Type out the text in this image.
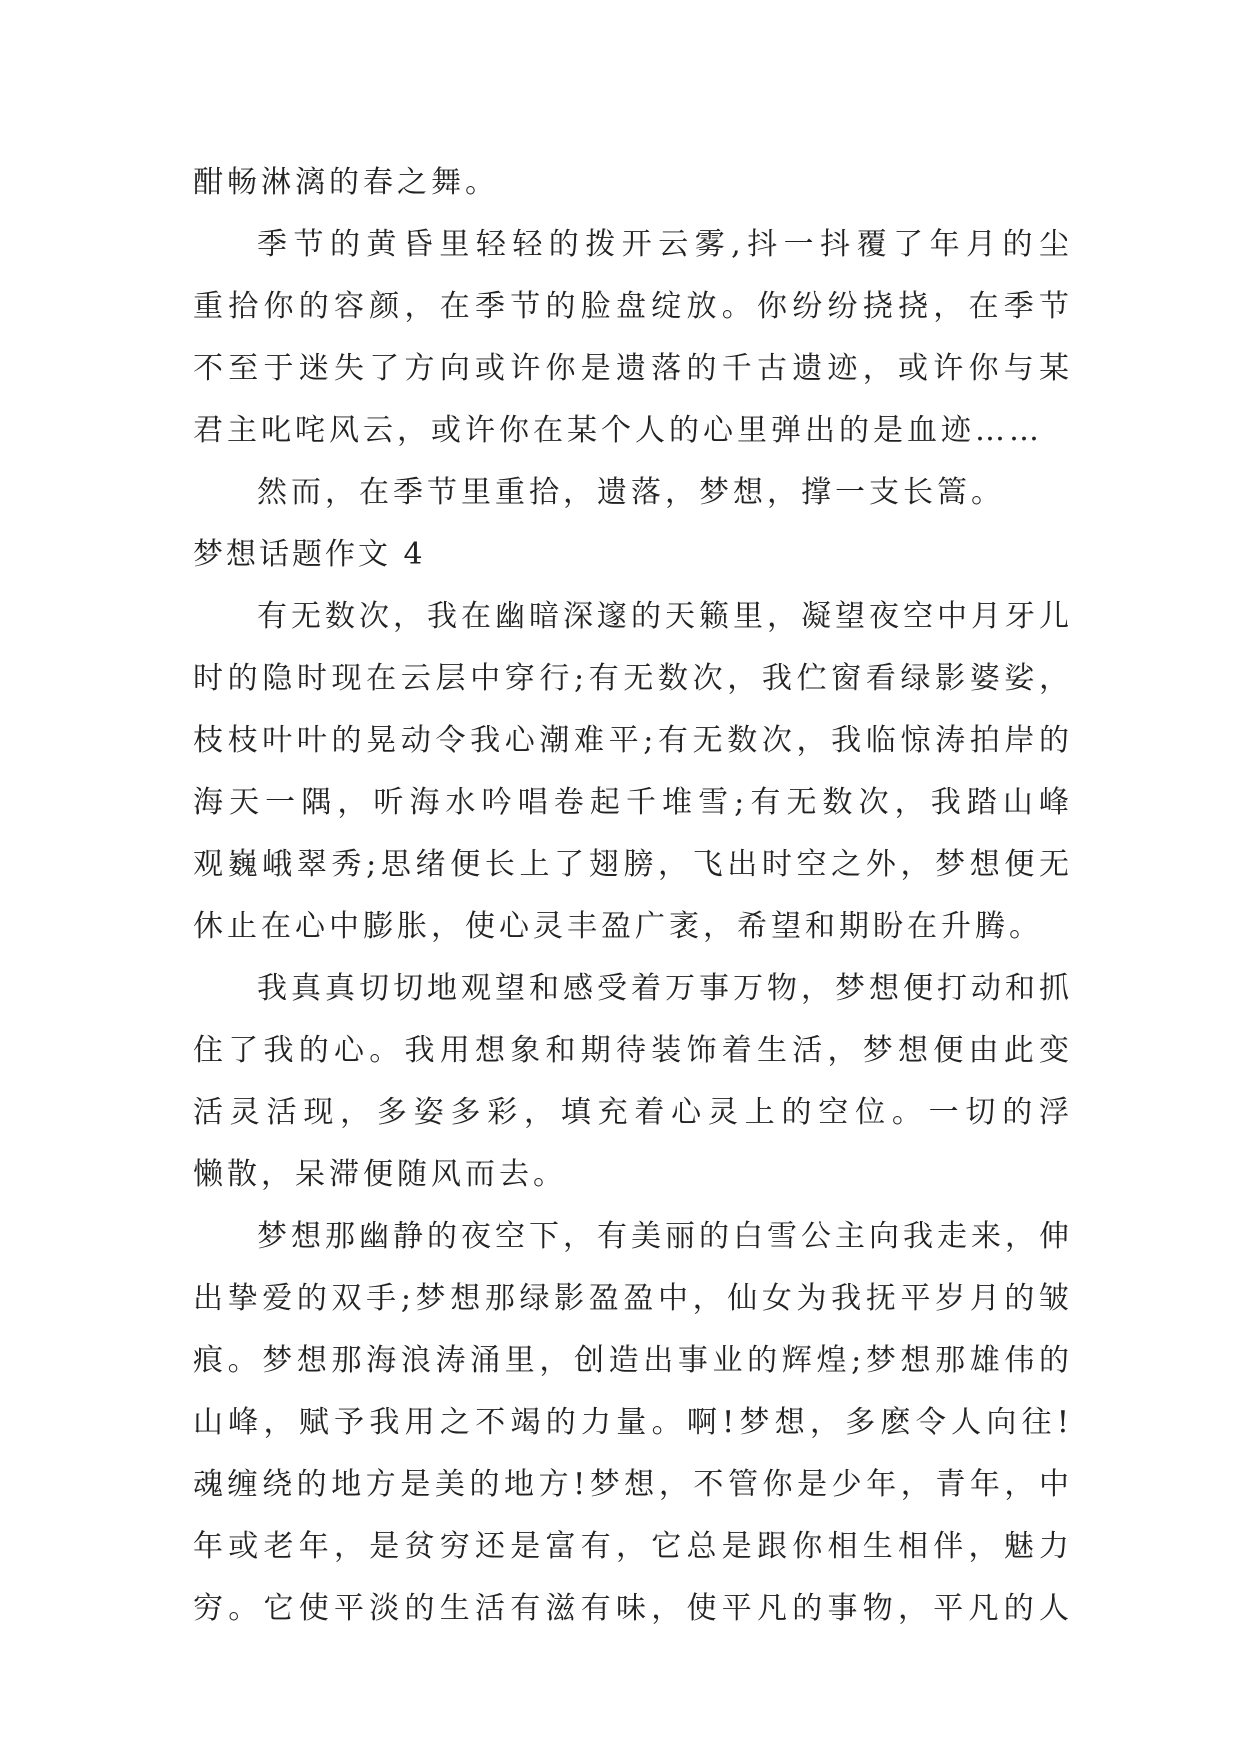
酣畅淋漓的春之舞。
季节的黄昏里轻轻的拨开云雾,抖一抖覆了年月的尘
重拾你的容颜，在季节的脸盘绽放。你纷纷挠挠，在季节
不至于迷失了方向或许你是遗落的千古遗迹，或许你与某
君主叱咤风云，或许你在某个人的心里弹出的是血迹……
然而，在季节里重拾，遗落，梦想，撑一支长篙。
梦想话题作文 4
有无数次，我在幽暗深邃的天籁里，凝望夜空中月牙儿
时的隐时现在云层中穿行;有无数次，我伫窗看绿影婆娑，
枝枝叶叶的晃动令我心潮难平;有无数次，我临惊涛拍岸的
海天一隅，听海水吟唱卷起千堆雪;有无数次，我踏山峰
观巍峨翠秀;思绪便长上了翅膀，飞出时空之外，梦想便无
休止在心中膨胀，使心灵丰盈广袤，希望和期盼在升腾。
我真真切切地观望和感受着万事万物，梦想便打动和抓
住了我的心。我用想象和期待装饰着生活，梦想便由此变
活灵活现，多姿多彩，填充着心灵上的空位。一切的浮
懒散，呆滞便随风而去。
梦想那幽静的夜空下，有美丽的白雪公主向我走来，伸
出挚爱的双手;梦想那绿影盈盈中，仙女为我抚平岁月的皱
痕。梦想那海浪涛涌里，创造出事业的辉煌;梦想那雄伟的
山峰，赋予我用之不竭的力量。啊!梦想，多麽令人向往!
魂缠绕的地方是美的地方!梦想，不管你是少年，青年，中
年或老年，是贫穷还是富有，它总是跟你相生相伴，魅力
穷。它使平淡的生活有滋有味，使平凡的事物，平凡的人
